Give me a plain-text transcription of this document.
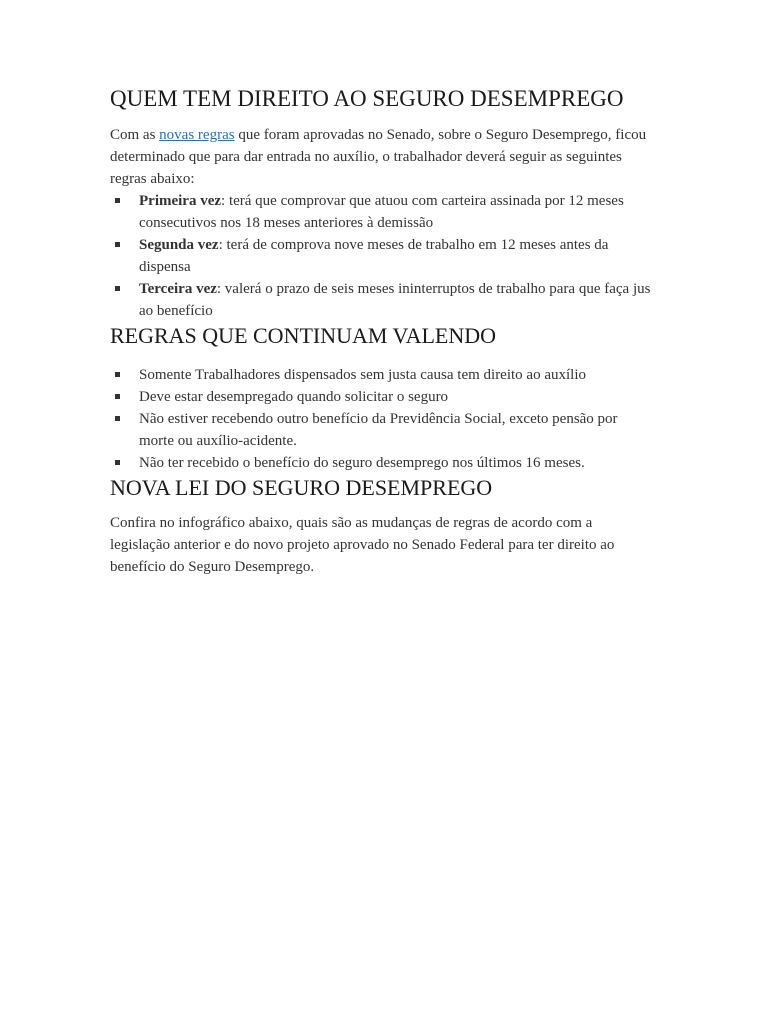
QUEM TEM DIREITO AO SEGURO DESEMPREGO

Com as novas regras que foram aprovadas no Senado, sobre o Seguro Desemprego, ficou determinado que para dar entrada no auxílio, o trabalhador deverá seguir as seguintes regras abaixo:

Primeira vez: terá que comprovar que atuou com carteira assinada por 12 meses consecutivos nos 18 meses anteriores à demissão
Segunda vez: terá de comprova nove meses de trabalho em 12 meses antes da dispensa
Terceira vez: valerá o prazo de seis meses ininterruptos de trabalho para que faça jus ao benefício
REGRAS QUE CONTINUAM VALENDO
Somente Trabalhadores dispensados sem justa causa tem direito ao auxílio
Deve estar desempregado quando solicitar o seguro
Não estiver recebendo outro benefício da Previdência Social, exceto pensão por morte ou auxílio-acidente.
Não ter recebido o benefício do seguro desemprego nos últimos 16 meses.
NOVA LEI DO SEGURO DESEMPREGO

Confira no infográfico abaixo, quais são as mudanças de regras de acordo com a legislação anterior e do novo projeto aprovado no Senado Federal para ter direito ao benefício do Seguro Desemprego.
